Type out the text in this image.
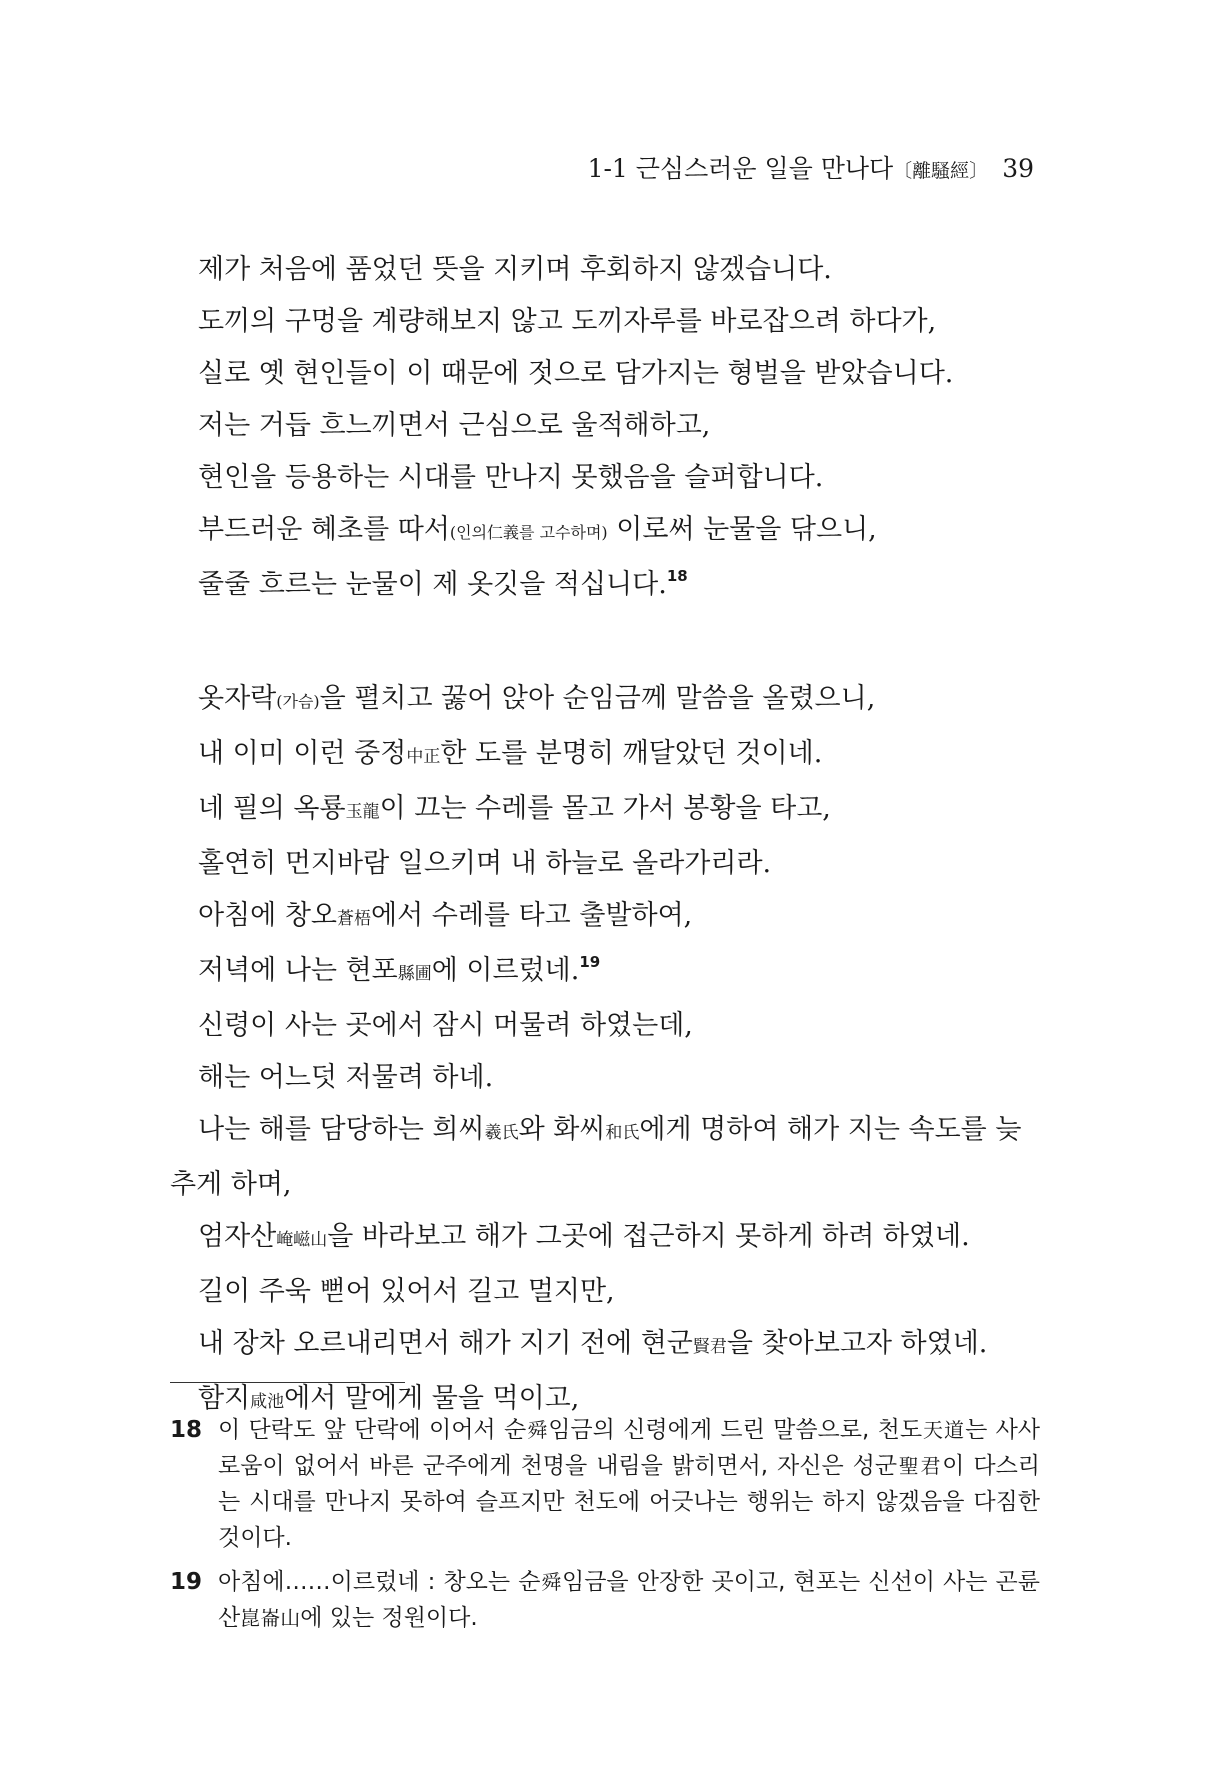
1-1 근심스러운 일을 만나다〔離騷經〕 39

제가 처음에 품었던 뜻을 지키며 후회하지 않겠습니다.

도끼의 구멍을 계량해보지 않고 도끼자루를 바로잡으려 하다가,

실로 옛 현인들이 이 때문에 젓으로 담가지는 형벌을 받았습니다.

저는 거듭 흐느끼면서 근심으로 울적해하고,

현인을 등용하는 시대를 만나지 못했음을 슬퍼합니다.

부드러운 혜초를 따서(인의仁義를 고수하며) 이로써 눈물을 닦으니,

줄줄 흐르는 눈물이 제 옷깃을 적십니다.$^{18}$

옷자락(가슴)을 펼치고 꿇어 앉아 순임금께 말씀을 올렸으니,

내 이미 이런 중정中正한 도를 분명히 깨달았던 것이네.

네 필의 옥룡玉龍이 끄는 수레를 몰고 가서 봉황을 타고,

홀연히 먼지바람 일으키며 내 하늘로 올라가리라.

아침에 창오蒼梧에서 수레를 타고 출발하여,

저녁에 나는 현포縣圃에 이르렀네.$^{19}$

신령이 사는 곳에서 잠시 머물려 하였는데,

해는 어느덧 저물려 하네.

나는 해를 담당하는 희씨羲氏와 화씨和氏에게 명하여 해가 지는 속도를 늦추게 하며,

엄자산崦嵫山을 바라보고 해가 그곳에 접근하지 못하게 하려 하였네.

길이 주욱 뻗어 있어서 길고 멀지만,

내 장차 오르내리면서 해가 지기 전에 현군賢君을 찾아보고자 하였네.

함지咸池에서 말에게 물을 먹이고,

18 이 단락도 앞 단락에 이어서 순舜임금의 신령에게 드린 말씀으로, 천도天道는 사사로움이 없어서 바른 군주에게 천명을 내림을 밝히면서, 자신은 성군聖君이 다스리는 시대를 만나지 못하여 슬프지만 천도에 어긋나는 행위는 하지 않겠음을 다짐한 것이다.
19 아침에……이르렀네 : 창오는 순舜임금을 안장한 곳이고, 현포는 신선이 사는 곤륜산崑崙山에 있는 정원이다.
